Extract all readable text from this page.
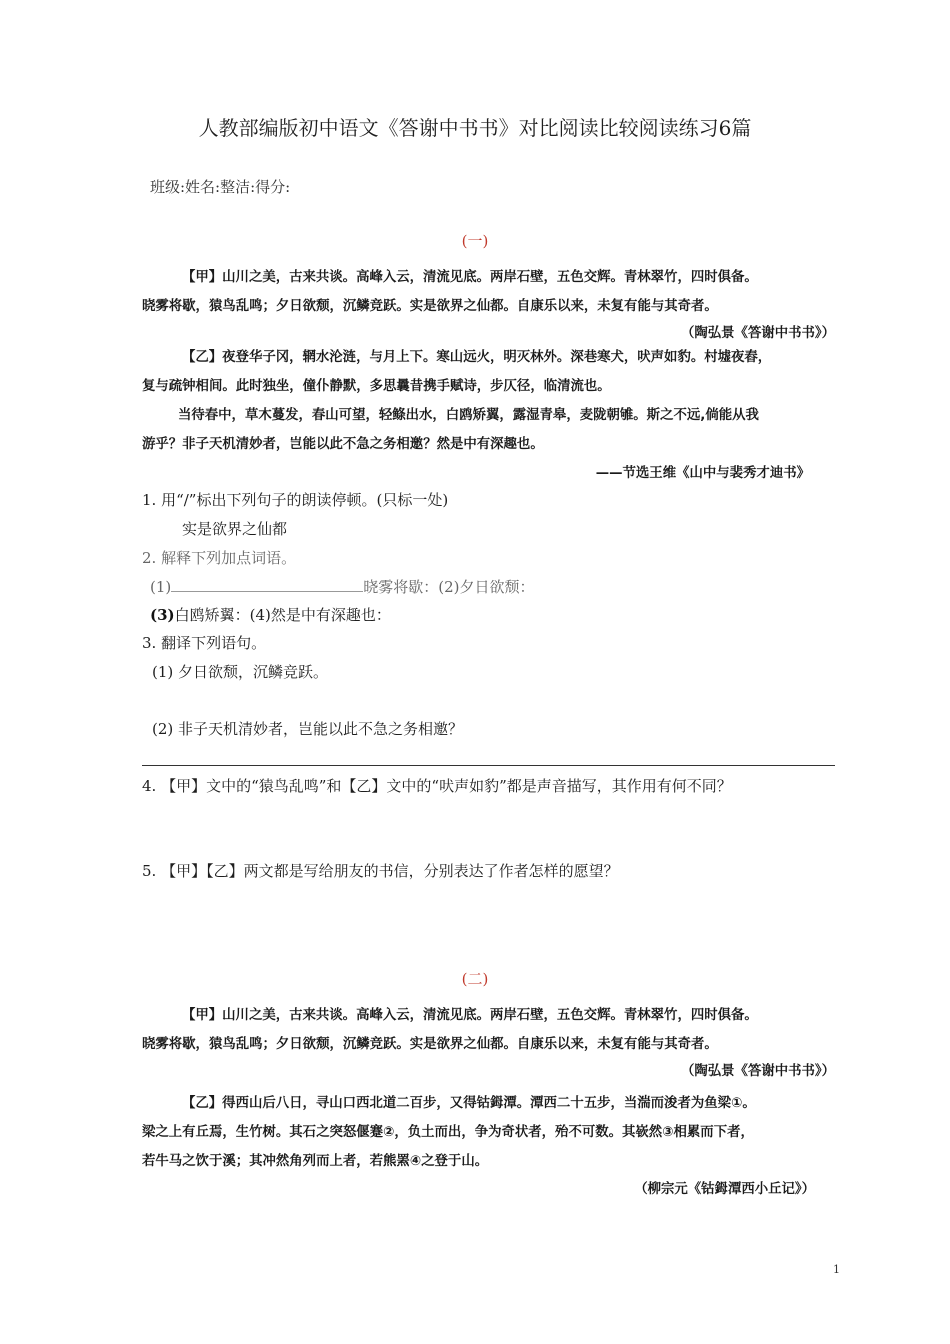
人教部编版初中语文《答谢中书书》对比阅读比较阅读练习6篇
班级:姓名:整洁:得分:
(一)
【甲】山川之美，古来共谈。高峰入云，清流见底。两岸石壁，五色交辉。青林翠竹，四时俱备。
晓雾将歇，猿鸟乱鸣；夕日欲颓，沉鳞竞跃。实是欲界之仙都。自康乐以来，未复有能与其奇者。
（陶弘景《答谢中书书》）
【乙】夜登华子冈，辋水沦涟，与月上下。寒山远火，明灭林外。深巷寒犬，吠声如豹。村墟夜舂，
复与疏钟相间。此时独坐，僮仆静默，多思曩昔携手赋诗，步仄径，临清流也。
当待春中，草木蔓发，春山可望，轻鲦出水，白鸥矫翼，露湿青皋，麦陇朝雊。斯之不远,倘能从我
游乎？非子天机清妙者，岂能以此不急之务相邀？然是中有深趣也。
——节选王维《山中与裴秀才迪书》
1. 用“/”标出下列句子的朗读停顿。(只标一处)
实是欲界之仙都
2. 解释下列加点词语。
(1)	晓雾将歇：(2)夕日欲颓：
(3)白鸥矫翼：(4)然是中有深趣也：
3. 翻译下列语句。
(1) 夕日欲颓，沉鳞竞跃。
(2) 非子天机清妙者，岂能以此不急之务相邀？
4. 【甲】文中的“猿鸟乱鸣”和【乙】文中的“吠声如豹”都是声音描写，其作用有何不同？
5. 【甲】【乙】两文都是写给朋友的书信，分别表达了作者怎样的愿望？
(二)
【甲】山川之美，古来共谈。高峰入云，清流见底。两岸石壁，五色交辉。青林翠竹，四时俱备。
晓雾将歇，猿鸟乱鸣；夕日欲颓，沉鳞竞跃。实是欲界之仙都。自康乐以来，未复有能与其奇者。
（陶弘景《答谢中书书》）
【乙】得西山后八日，寻山口西北道二百步，又得钴鉧潭。潭西二十五步，当湍而浚者为鱼梁①。
梁之上有丘焉，生竹树。其石之突怒偃蹇②，负土而出，争为奇状者，殆不可数。其嵚然③相累而下者，
若牛马之饮于溪；其冲然角列而上者，若熊罴④之登于山。
（柳宗元《钴鉧潭西小丘记》）
1
